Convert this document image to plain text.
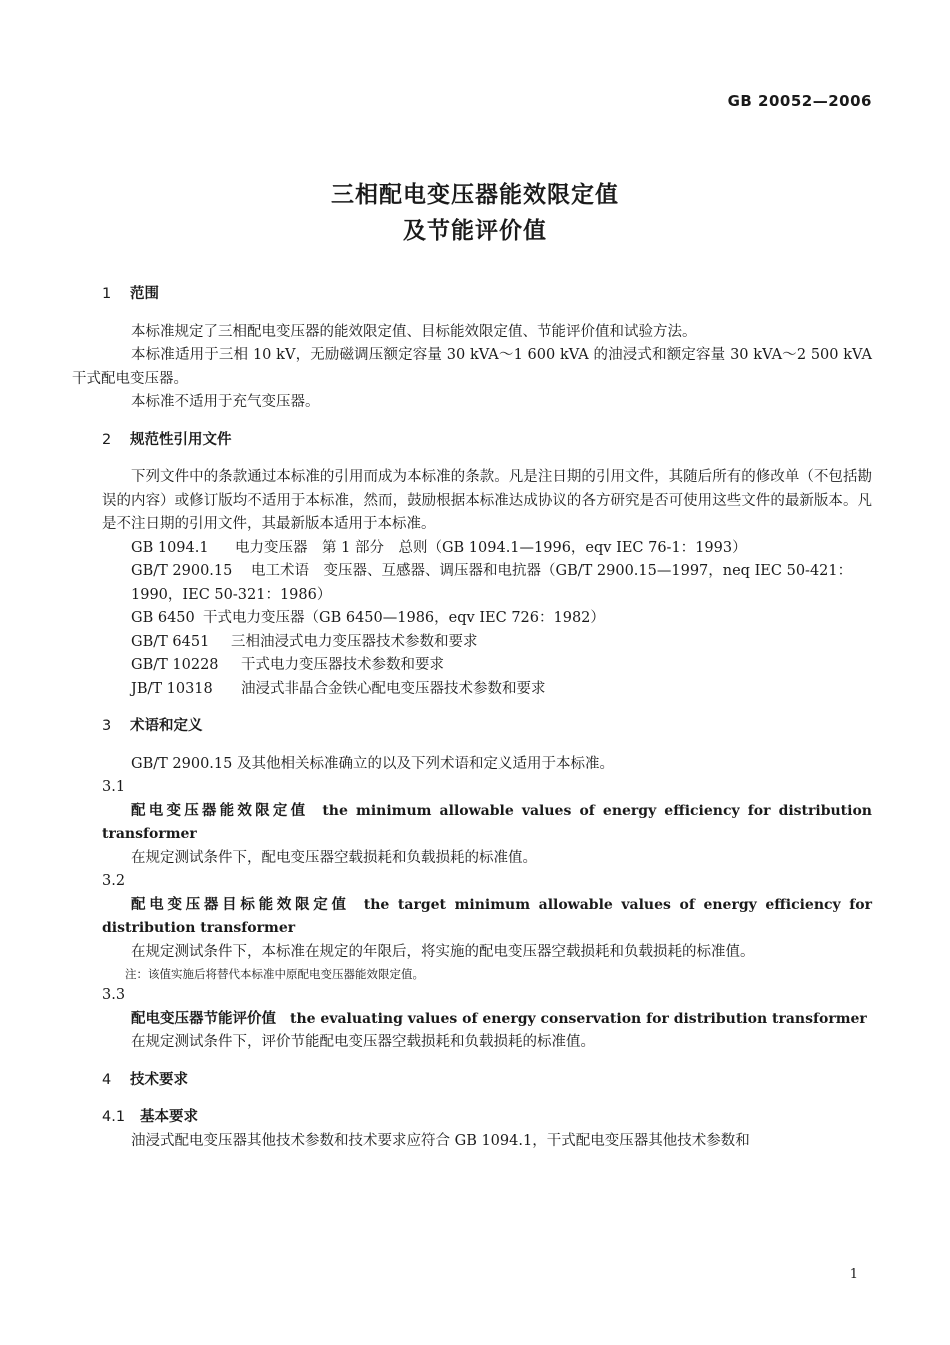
GB 20052—2006
三相配电变压器能效限定值
及节能评价值
1 范围

本标准规定了三相配电变压器的能效限定值、目标能效限定值、节能评价值和试验方法。

本标准适用于三相 10 kV，无励磁调压额定容量 30 kVA～1 600 kVA 的油浸式和额定容量 30 kVA～2 500 kVA 干式配电变压器。

本标准不适用于充气变压器。

2 规范性引用文件

下列文件中的条款通过本标准的引用而成为本标准的条款。凡是注日期的引用文件，其随后所有的修改单（不包括勘误的内容）或修订版均不适用于本标准，然而，鼓励根据本标准达成协议的各方研究是否可使用这些文件的最新版本。凡是不注日期的引用文件，其最新版本适用于本标准。

GB 1094.1 电力变压器　第 1 部分　总则（GB 1094.1—1996，eqv IEC 76-1：1993）

GB/T 2900.15 电工术语　变压器、互感器、调压器和电抗器（GB/T 2900.15—1997，neq IEC 50-421：1990，IEC 50-321：1986）

GB 6450 干式电力变压器（GB 6450—1986，eqv IEC 726：1982）

GB/T 6451 三相油浸式电力变压器技术参数和要求

GB/T 10228 干式电力变压器技术参数和要求

JB/T 10318 油浸式非晶合金铁心配电变压器技术参数和要求

3 术语和定义

GB/T 2900.15 及其他相关标准确立的以及下列术语和定义适用于本标准。

3.1

配电变压器能效限定值 the minimum allowable values of energy efficiency for distribution transformer

在规定测试条件下，配电变压器空载损耗和负载损耗的标准值。

3.2

配电变压器目标能效限定值 the target minimum allowable values of energy efficiency for distribution transformer

在规定测试条件下，本标准在规定的年限后，将实施的配电变压器空载损耗和负载损耗的标准值。

注：该值实施后将替代本标准中原配电变压器能效限定值。

3.3

配电变压器节能评价值 the evaluating values of energy conservation for distribution transformer

在规定测试条件下，评价节能配电变压器空载损耗和负载损耗的标准值。

4 技术要求
4.1 基本要求

油浸式配电变压器其他技术参数和技术要求应符合 GB 1094.1，干式配电变压器其他技术参数和

1
